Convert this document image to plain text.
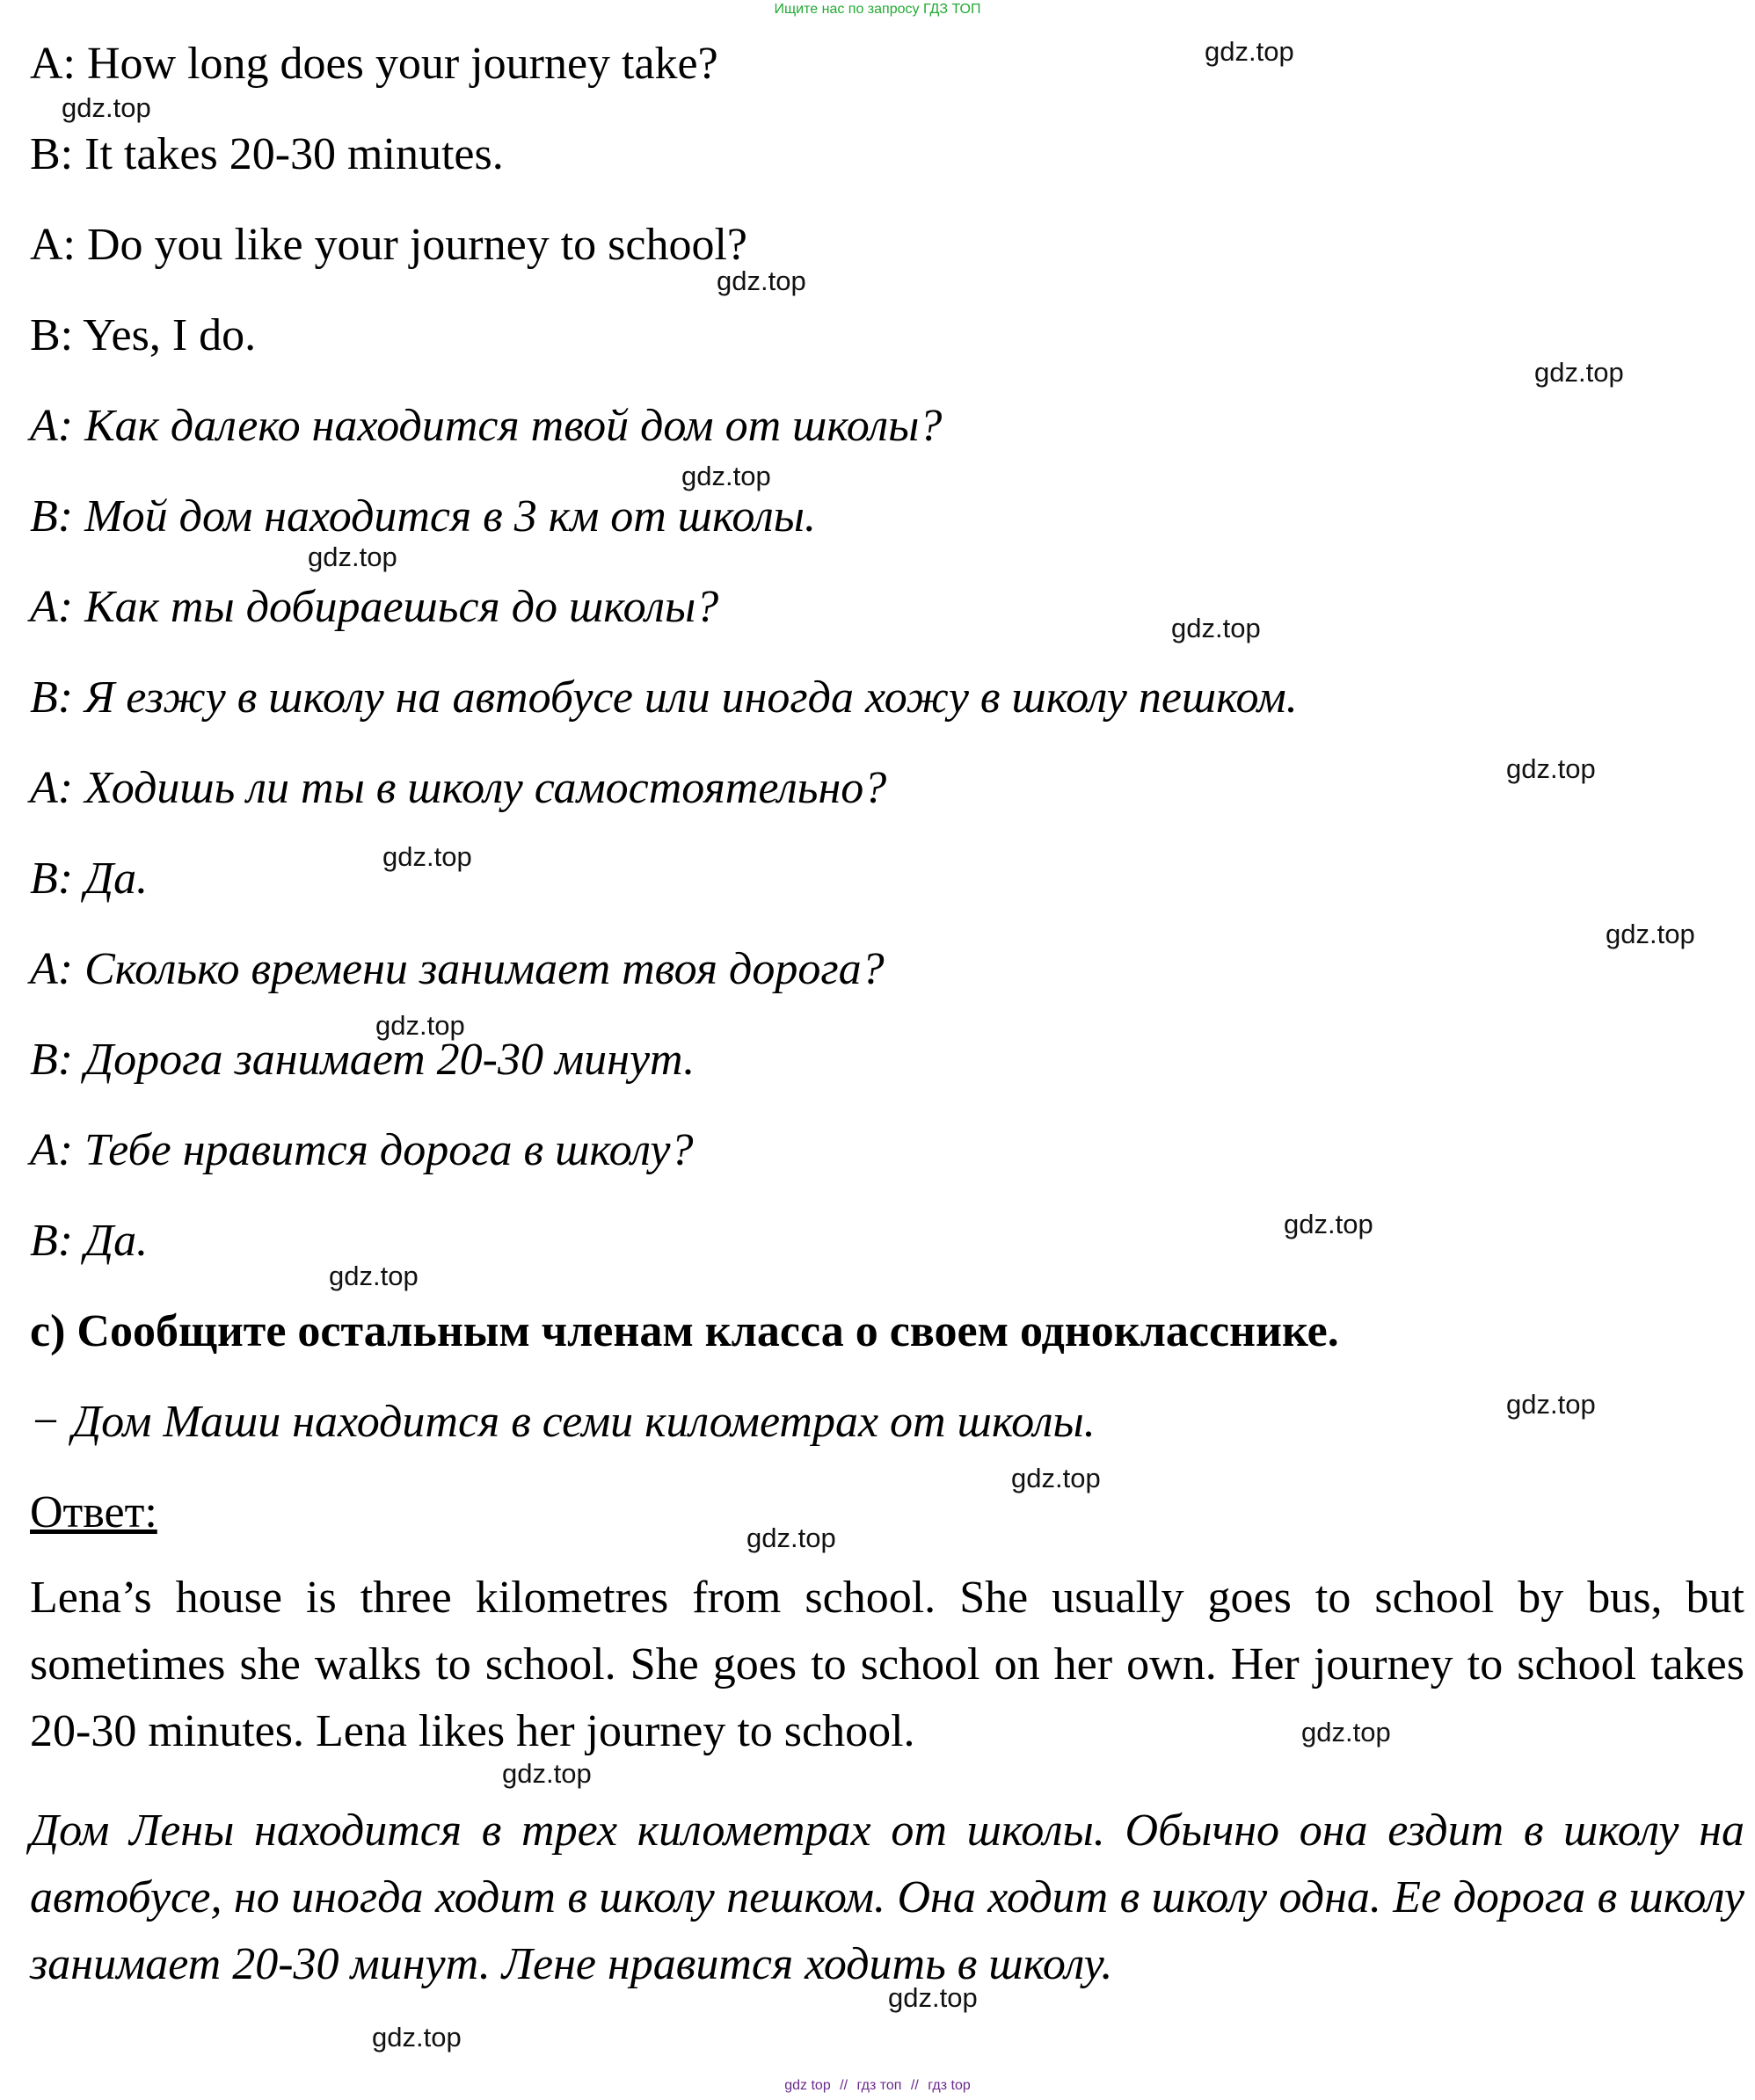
Ищите нас по запросу ГДЗ ТОП
A: How long does your journey take?
B: It takes 20-30 minutes.
A: Do you like your journey to school?
B: Yes, I do.
A: Как далеко находится твой дом от школы?
B: Мой дом находится в 3 км от школы.
A: Как ты добираешься до школы?
B: Я езжу в школу на автобусе или иногда хожу в школу пешком.
A: Ходишь ли ты в школу самостоятельно?
B: Да.
A: Сколько времени занимает твоя дорога?
B: Дорога занимает 20-30 минут.
A: Тебе нравится дорога в школу?
B: Да.
c) Сообщите остальным членам класса о своем однокласснике.
− Дом Маши находится в семи километрах от школы.
Ответ:
Lena’s house is three kilometres from school. She usually goes to school by bus, but sometimes she walks to school. She goes to school on her own. Her journey to school takes 20-30 minutes. Lena likes her journey to school.
Дом Лены находится в трех километрах от школы. Обычно она ездит в школу на автобусе, но иногда ходит в школу пешком. Она ходит в школу одна. Ее дорога в школу занимает 20-30 минут. Лене нравится ходить в школу.
gdz.top
gdz.top
gdz.top
gdz.top
gdz.top
gdz.top
gdz.top
gdz.top
gdz.top
gdz.top
gdz.top
gdz.top
gdz.top
gdz.top
gdz.top
gdz.top
gdz.top
gdz.top
gdz.top
gdz.top
gdz top // гдз топ // гдз top
